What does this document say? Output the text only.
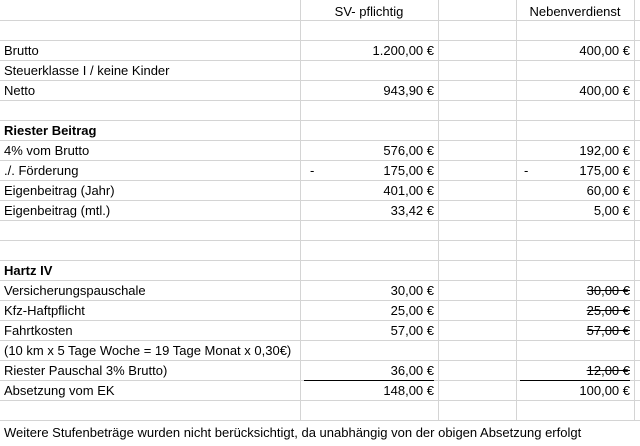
SV- pflichtig	Nebenverdienst
Brutto	1.200,00 €	400,00 €
Steuerklasse I / keine Kinder
Netto	943,90 €	400,00 €
Riester Beitrag
4% vom Brutto	576,00 €	192,00 €
./. Förderung	-	175,00 €	-	175,00 €
Eigenbeitrag (Jahr)	401,00 €	60,00 €
Eigenbeitrag (mtl.)	33,42 €	5,00 €
Hartz IV
Versicherungspauschale	30,00 €	30,00 €
Kfz-Haftpflicht	25,00 €	25,00 €
Fahrtkosten	57,00 €	57,00 €
(10 km x 5 Tage Woche = 19 Tage Monat x 0,30€)
Riester Pauschal 3% Brutto)	36,00 €	12,00 €
Absetzung vom EK	148,00 €	100,00 €
Weitere Stufenbeträge wurden nicht berücksichtigt, da unabhängig von der obigen Absetzung erfolgt
